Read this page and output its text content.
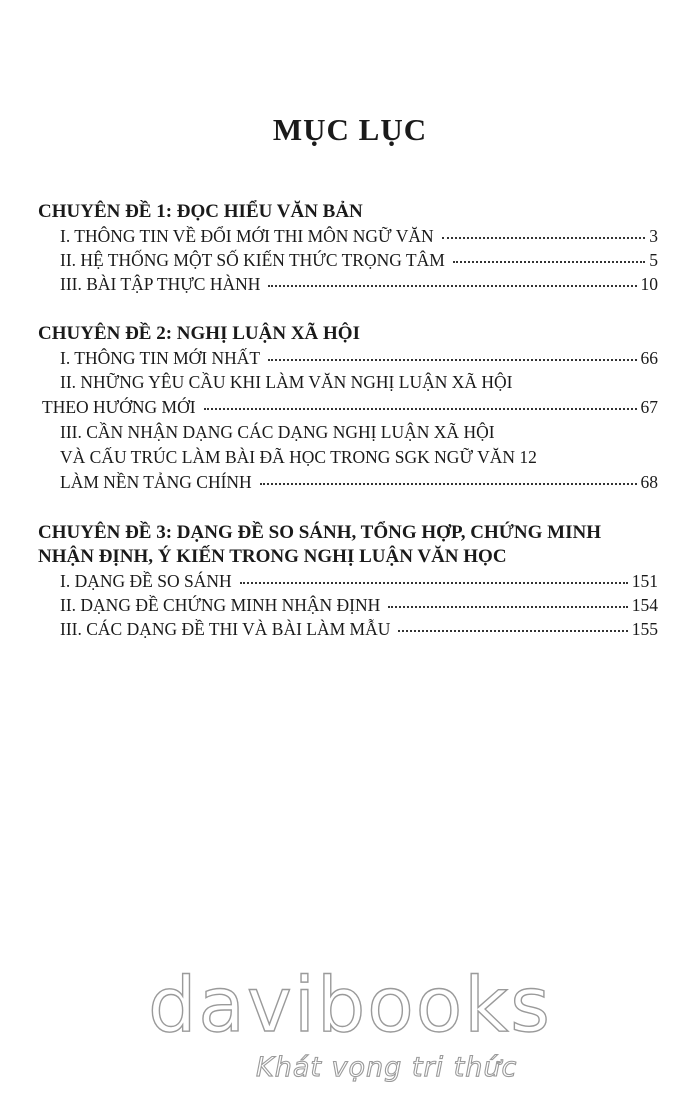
MỤC LỤC
CHUYÊN ĐỀ 1: ĐỌC HIỂU VĂN BẢN
I. THÔNG TIN VỀ ĐỔI MỚI THI MÔN NGỮ VĂN	3
II. HỆ THỐNG MỘT SỐ KIẾN THỨC TRỌNG TÂM	5
III. BÀI TẬP THỰC HÀNH	10
CHUYÊN ĐỀ 2: NGHỊ LUẬN XÃ HỘI
I. THÔNG TIN MỚI NHẤT	66
II. NHỮNG YÊU CẦU KHI LÀM VĂN NGHỊ LUẬN XÃ HỘI
THEO HƯỚNG MỚI	67
III. CẦN NHẬN DẠNG CÁC DẠNG NGHỊ LUẬN XÃ HỘI
VÀ CẤU TRÚC LÀM BÀI ĐÃ HỌC TRONG SGK NGỮ VĂN 12
LÀM NỀN TẢNG CHÍNH	68
CHUYÊN ĐỀ 3: DẠNG ĐỀ SO SÁNH, TỔNG HỢP, CHỨNG MINH
NHẬN ĐỊNH, Ý KIẾN TRONG NGHỊ LUẬN VĂN HỌC
I. DẠNG ĐỀ SO SÁNH	151
II. DẠNG ĐỀ CHỨNG MINH NHẬN ĐỊNH	154
III. CÁC DẠNG ĐỀ THI VÀ BÀI LÀM MẪU	155
davibooks
Khát vọng tri thức
